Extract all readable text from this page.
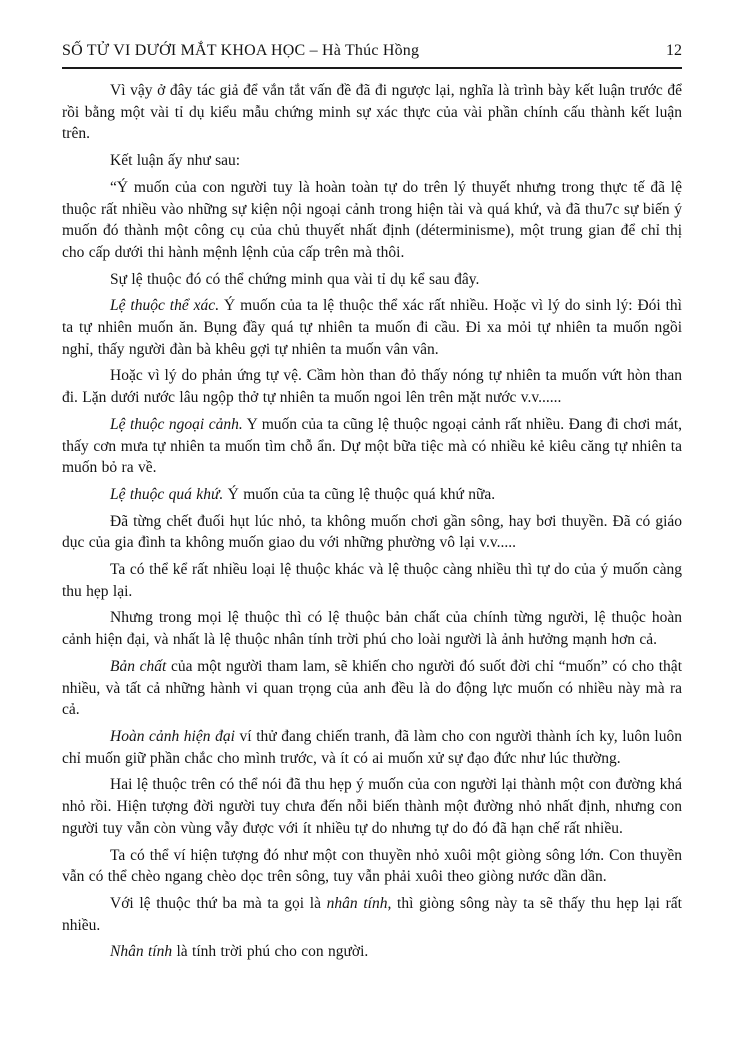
SỐ TỬ VI DƯỚI MẮT KHOA HỌC – Hà Thúc Hồng	12

Vì vậy ở đây tác giả để vắn tắt vấn đề đã đi ngược lại, nghĩa là trình bày kết luận trước để rồi bằng một vài tỉ dụ kiểu mẫu chứng minh sự xác thực của vài phần chính cấu thành kết luận trên.

Kết luận ấy như sau:

“Ý muốn của con người tuy là hoàn toàn tự do trên lý thuyết nhưng trong thực tế đã lệ thuộc rất nhiều vào những sự kiện nội ngoại cảnh trong hiện tài và quá khứ, và đã thu7c sự biến ý muốn đó thành một công cụ của chủ thuyết nhất định (déterminisme), một trung gian để chỉ thị cho cấp dưới thi hành mệnh lệnh của cấp trên mà thôi.

Sự lệ thuộc đó có thể chứng minh qua vài tỉ dụ kể sau đây.

Lệ thuộc thể xác. Ý muốn của ta lệ thuộc thể xác rất nhiều. Hoặc vì lý do sinh lý: Đói thì ta tự nhiên muốn ăn. Bụng đầy quá tự nhiên ta muốn đi cầu. Đi xa mỏi tự nhiên ta muốn ngồi nghỉ, thấy người đàn bà khêu gợi tự nhiên ta muốn vân vân.

Hoặc vì lý do phản ứng tự vệ. Cầm hòn than đỏ thấy nóng tự nhiên ta muốn vứt hòn than đi. Lặn dưới nước lâu ngộp thở tự nhiên ta muốn ngoi lên trên mặt nước v.v......

Lệ thuộc ngoại cảnh. Y muốn của ta cũng lệ thuộc ngoại cảnh rất nhiều. Đang đi chơi mát, thấy cơn mưa tự nhiên ta muốn tìm chỗ ẩn. Dự một bữa tiệc mà có nhiều kẻ kiêu căng tự nhiên ta muốn bỏ ra về.

Lệ thuộc quá khứ. Ý muốn của ta cũng lệ thuộc quá khứ nữa.

Đã từng chết đuối hụt lúc nhỏ, ta không muốn chơi gần sông, hay bơi thuyền. Đã có giáo dục của gia đình ta không muốn giao du với những phường vô lại v.v.....

Ta có thể kể rất nhiều loại lệ thuộc khác và lệ thuộc càng nhiều thì tự do của ý muốn càng thu hẹp lại.

Nhưng trong mọi lệ thuộc thì có lệ thuộc bản chất của chính từng người, lệ thuộc hoàn cảnh hiện đại, và nhất là lệ thuộc nhân tính trời phú cho loài người là ảnh hưởng mạnh hơn cả.

Bản chất của một người tham lam, sẽ khiến cho người đó suốt đời chỉ “muốn” có cho thật nhiều, và tất cả những hành vi quan trọng của anh đều là do động lực muốn có nhiều này mà ra cả.

Hoàn cảnh hiện đại ví thử đang chiến tranh, đã làm cho con người thành ích ky, luôn luôn chỉ muốn giữ phần chắc cho mình trước, và ít có ai muốn xử sự đạo đức như lúc thường.

Hai lệ thuộc trên có thể nói đã thu hẹp ý muốn của con người lại thành một con đường khá nhỏ rồi. Hiện tượng đời người tuy chưa đến nỗi biến thành một đường nhỏ nhất định, nhưng con người tuy vẫn còn vùng vẫy được với ít nhiều tự do nhưng tự do đó đã hạn chế rất nhiều.

Ta có thể ví hiện tượng đó như một con thuyền nhỏ xuôi một giòng sông lớn. Con thuyền vẫn có thể chèo ngang chèo dọc trên sông, tuy vẫn phải xuôi theo giòng nước dần dần.

Với lệ thuộc thứ ba mà ta gọi là nhân tính, thì giòng sông này ta sẽ thấy thu hẹp lại rất nhiều.

Nhân tính là tính trời phú cho con người.
